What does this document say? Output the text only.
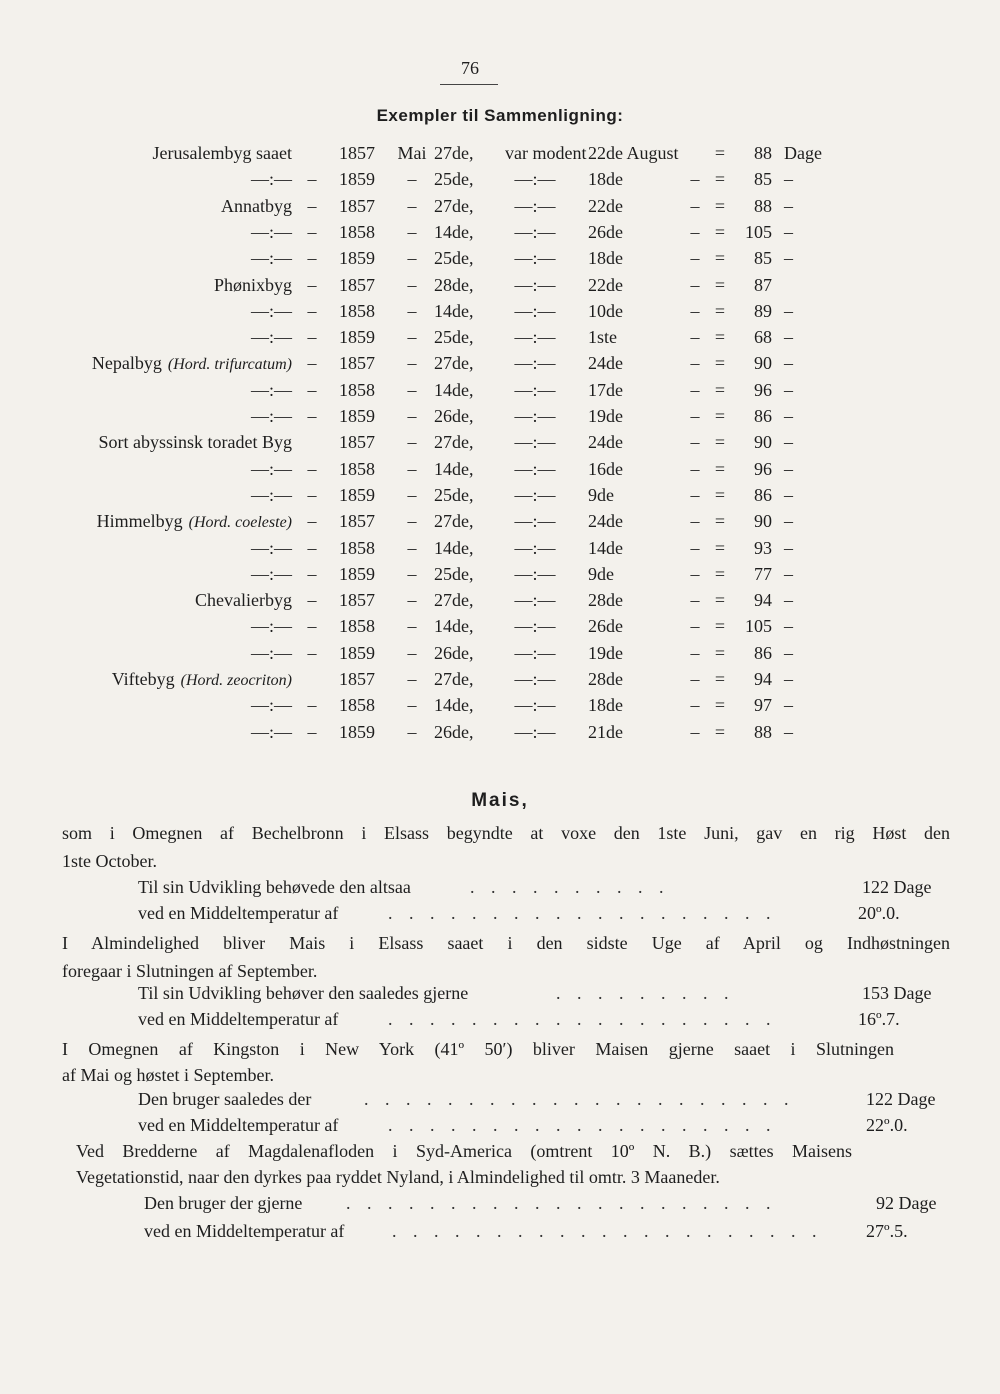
76
Exempler til Sammenligning:
Jerusalembyg saaet	1857 Mai 27de, var modent 22de August	=	88 Dage
—:— –	1859	– 25de,	—:—	18de	– =	85 –
Annatbyg –	1857	– 27de,	—:—	22de	– =	88 –
—:— –	1858	– 14de,	—:—	26de	– =	105 –
—:— –	1859	– 25de,	—:—	18de	– =	85 –
Phønixbyg –	1857	– 28de,	—:—	22de	– =	87
—:— –	1858	– 14de,	—:—	10de	– =	89 –
—:— –	1859	– 25de,	—:—	1ste	– =	68 –
Nepalbyg (Hord. trifurcatum) –	1857	– 27de,	—:—	24de	– =	90 –
—:— –	1858	– 14de,	—:—	17de	– =	96 –
—:— –	1859	– 26de,	—:—	19de	– =	86 –
Sort abyssinsk toradet Byg	1857	– 27de,	—:—	24de	– =	90 –
—:— –	1858	– 14de,	—:—	16de	– =	96 –
—:— –	1859	– 25de,	—:—	9de	– =	86 –
Himmelbyg (Hord. coeleste) –	1857	– 27de,	—:—	24de	– =	90 –
—:— –	1858	– 14de,	—:—	14de	– =	93 –
—:— –	1859	– 25de,	—:—	9de	– =	77 –
Chevalierbyg –	1857	– 27de,	—:—	28de	– =	94 –
—:— –	1858	– 14de,	—:—	26de	– =	105 –
—:— –	1859	– 26de,	—:—	19de	– =	86 –
Viftebyg (Hord. zeocriton)	1857	– 27de,	—:—	28de	– =	94 –
—:— –	1858	– 14de,	—:—	18de	– =	97 –
—:— –	1859	– 26de,	—:—	21de	– =	88 –
Mais,
som i Omegnen af Bechelbronn i Elsass begyndte at voxe den 1ste Juni, gav en rig Høst den
1ste October.
Til sin Udvikling behøvede den altsaa	. . . . . . . . . .	122 Dage
ved en Middeltemperatur af	. . . . . . . . . . . . . . . . . . .	20º.0.
I Almindelighed bliver Mais i Elsass saaet i den sidste Uge af April og Indhøstningen
foregaar i Slutningen af September.
Til sin Udvikling behøver den saaledes gjerne	. . . . . . . . .	153 Dage
ved en Middeltemperatur af	. . . . . . . . . . . . . . . . . . .	16º.7.
I Omegnen af Kingston i New York (41º 50′) bliver Maisen gjerne saaet i Slutningen
af Mai og høstet i September.
Den bruger saaledes der	. . . . . . . . . . . . . . . . . . . . .	122 Dage
ved en Middeltemperatur af	. . . . . . . . . . . . . . . . . . .	22º.0.
Ved Bredderne af Magdalenafloden i Syd-America (omtrent 10º N. B.) sættes Maisens
Vegetationstid, naar den dyrkes paa ryddet Nyland, i Almindelighed til omtr. 3 Maaneder.
Den bruger der gjerne . . . . . . . . . . . . . . . . . . . . .	92 Dage
ved en Middeltemperatur af	. . . . . . . . . . . . . . . . . . . . . 27º.5.
